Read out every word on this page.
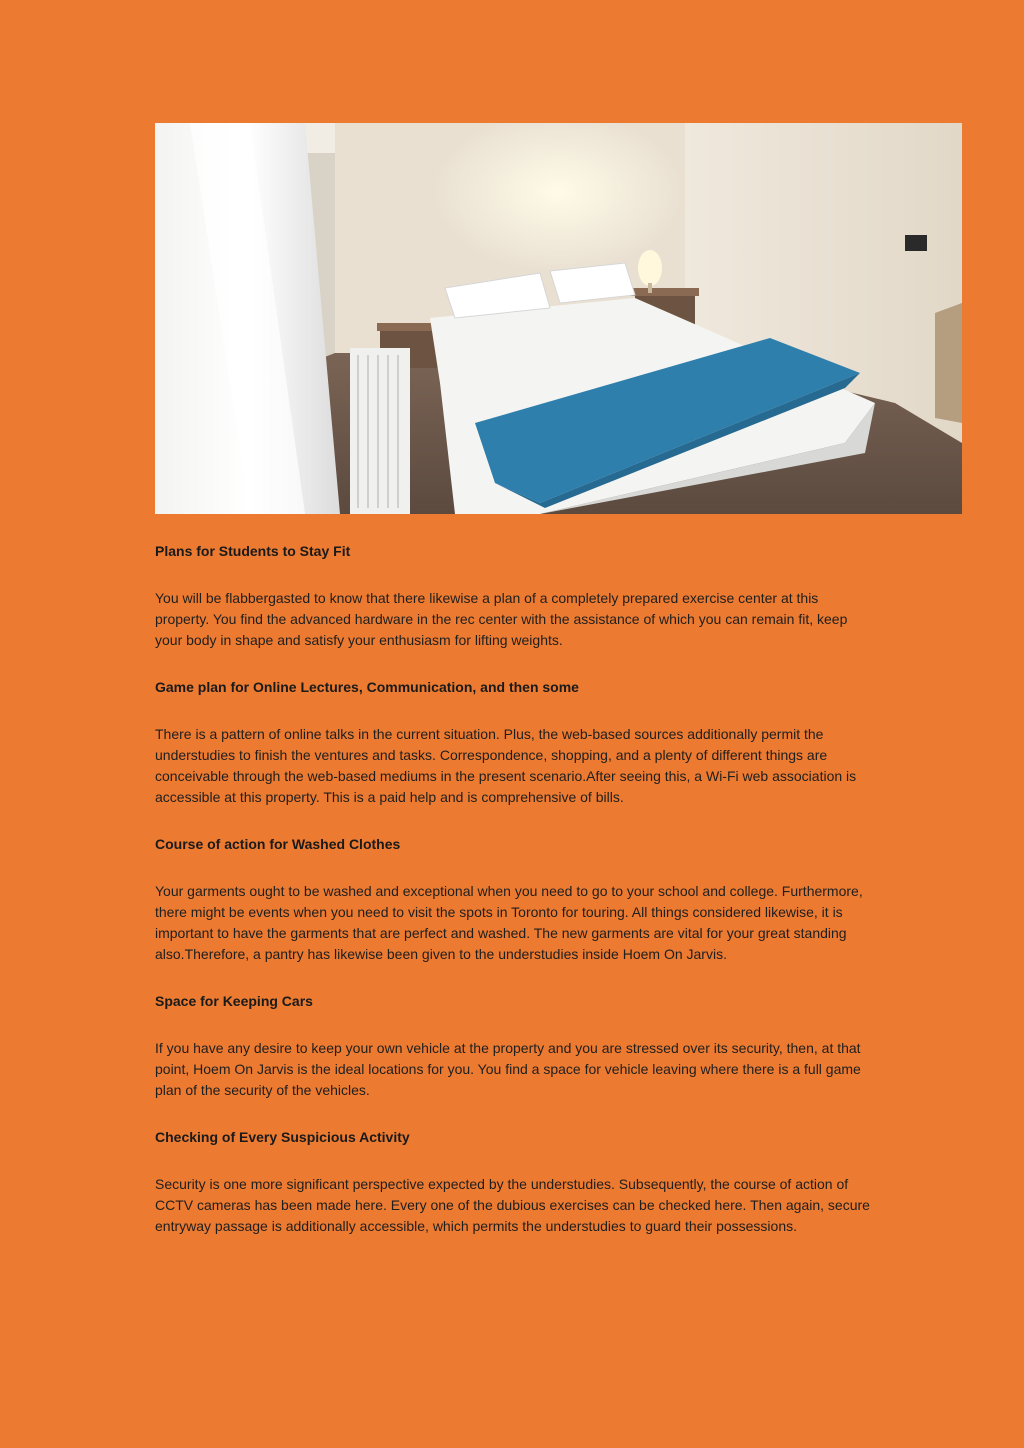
Plans for Students to Stay Fit

You will be flabbergasted to know that there likewise a plan of a completely prepared exercise center at this property. You find the advanced hardware in the rec center with the assistance of which you can remain fit, keep your body in shape and satisfy your enthusiasm for lifting weights.

Game plan for Online Lectures, Communication, and then some

There is a pattern of online talks in the current situation. Plus, the web-based sources additionally permit the understudies to finish the ventures and tasks. Correspondence, shopping, and a plenty of different things are conceivable through the web-based mediums in the present scenario.After seeing this, a Wi-Fi web association is accessible at this property. This is a paid help and is comprehensive of bills.

Course of action for Washed Clothes

Your garments ought to be washed and exceptional when you need to go to your school and college. Furthermore, there might be events when you need to visit the spots in Toronto for touring. All things considered likewise, it is important to have the garments that are perfect and washed. The new garments are vital for your great standing also.Therefore, a pantry has likewise been given to the understudies inside Hoem On Jarvis.

Space for Keeping Cars

If you have any desire to keep your own vehicle at the property and you are stressed over its security, then, at that point, Hoem On Jarvis is the ideal locations for you. You find a space for vehicle leaving where there is a full game plan of the security of the vehicles.

Checking of Every Suspicious Activity

Security is one more significant perspective expected by the understudies. Subsequently, the course of action of CCTV cameras has been made here. Every one of the dubious exercises can be checked here. Then again, secure entryway passage is additionally accessible, which permits the understudies to guard their possessions.
